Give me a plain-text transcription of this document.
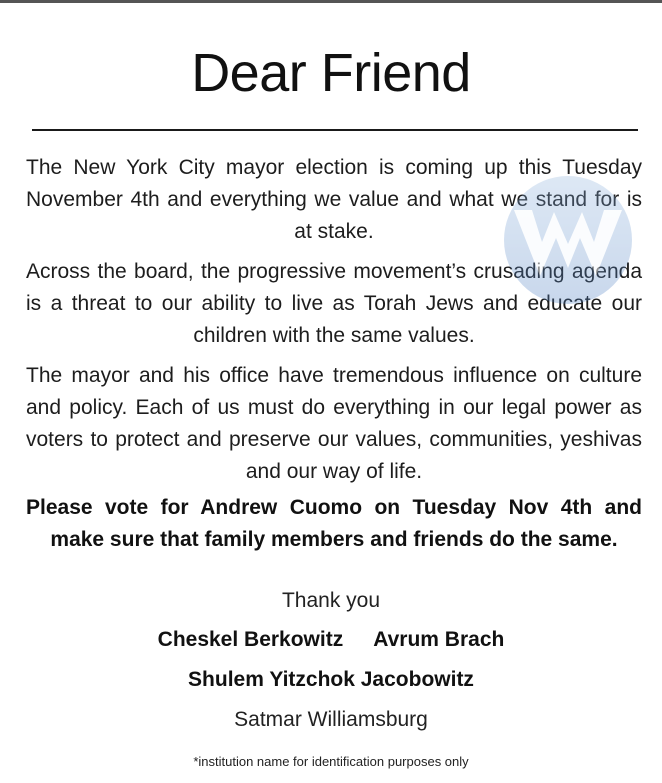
Dear Friend
The New York City mayor election is coming up this Tuesday November 4th and everything we value and what we stand for is at stake.
Across the board, the progressive movement’s crusading agenda is a threat to our ability to live as Torah Jews and educate our children with the same values.
The mayor and his office have tremendous influence on culture and policy. Each of us must do everything in our legal power as voters to protect and preserve our values, communities, yeshivas and our way of life.
Please vote for Andrew Cuomo on Tuesday Nov 4th and make sure that family members and friends do the same.
Thank you
Cheskel Berkowitz Avrum Brach
Shulem Yitzchok Jacobowitz
Satmar Williamsburg
*institution name for identification purposes only
